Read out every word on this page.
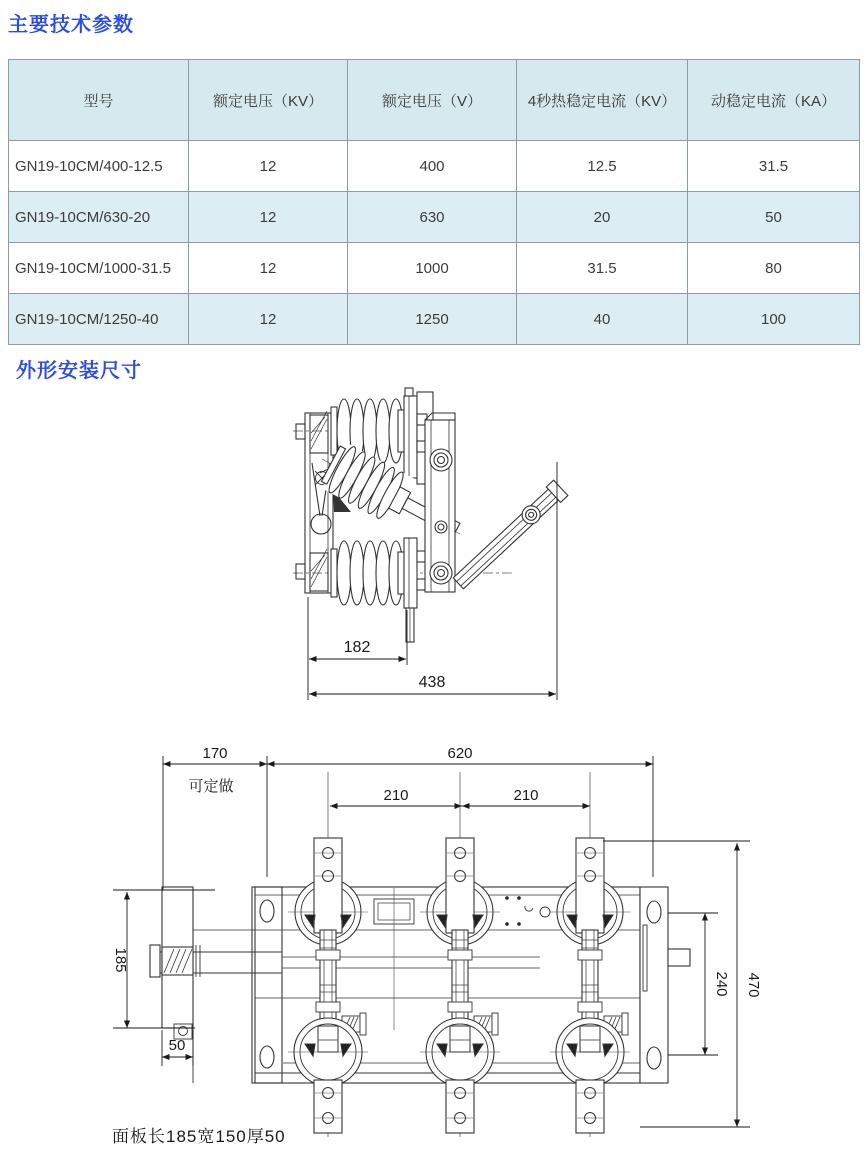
主要技术参数
型号	额定电压（KV）	额定电压（V）	4秒热稳定电流（KV）	动稳定电流（KA）
GN19-10CM/400-12.5	12	400	12.5	31.5
GN19-10CM/630-20	12	630	20	50
GN19-10CM/1000-31.5	12	1000	31.5	80
GN19-10CM/1250-40	12	1250	40	100
外形安装尺寸
182
438
170
可定做
620
210	210
185
50
240 470
面板长185宽150厚50
